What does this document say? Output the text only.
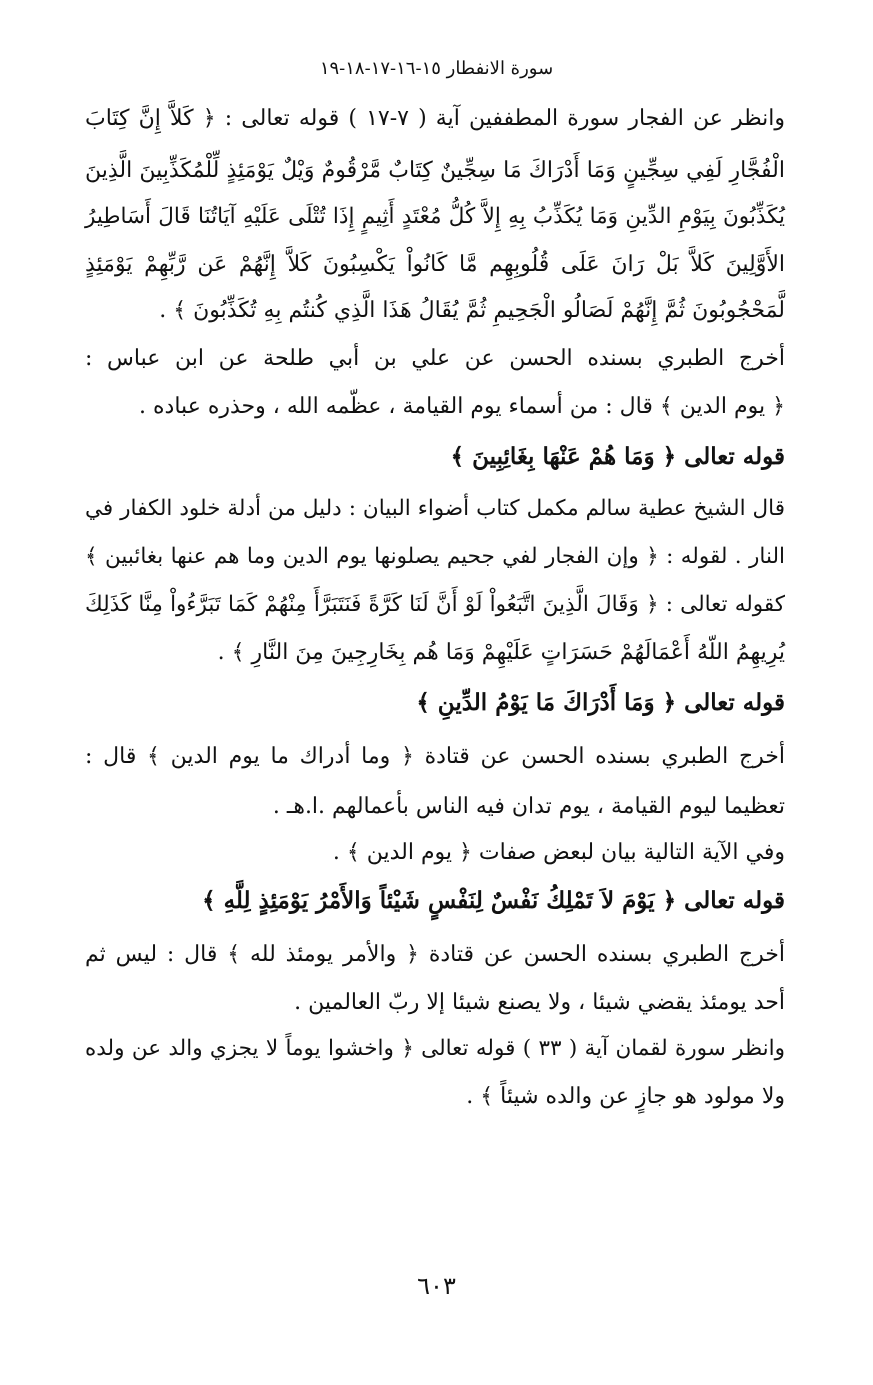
سورة الانفطار ١٥-١٦-١٧-١٨-١٩
وانظر عن الفجار سورة المطففين آية ( ٧-١٧ ) قوله تعالى : ﴿ كَلاَّ إِنَّ كِتَابَ
الْفُجَّارِ لَفِي سِجِّينٍ وَمَا أَدْرَاكَ مَا سِجِّينٌ كِتَابٌ مَّرْقُومٌ وَيْلٌ يَوْمَئِذٍ لِّلْمُكَذِّبِينَ الَّذِينَ
يُكَذِّبُونَ بِيَوْمِ الدِّينِ وَمَا يُكَذِّبُ بِهِ إِلاَّ كُلُّ مُعْتَدٍ أَثِيمٍ إِذَا تُتْلَى عَلَيْهِ آيَاتُنَا قَالَ أَسَاطِيرُ
الأَوَّلِينَ كَلاَّ بَلْ رَانَ عَلَى قُلُوبِهِم مَّا كَانُواْ يَكْسِبُونَ كَلاَّ إِنَّهُمْ عَن رَّبِّهِمْ يَوْمَئِذٍ
لَّمَحْجُوبُونَ ثُمَّ إِنَّهُمْ لَصَالُو الْجَحِيمِ ثُمَّ يُقَالُ هَذَا الَّذِي كُنتُم بِهِ تُكَذِّبُونَ ﴾ .
أخرج الطبري بسنده الحسن عن علي بن أبي طلحة عن ابن عباس :
﴿ يوم الدين ﴾ قال : من أسماء يوم القيامة ، عظّمه الله ، وحذره عباده .
قوله تعالى ﴿ وَمَا هُمْ عَنْهَا بِغَائِبِينَ ﴾
قال الشيخ عطية سالم مكمل كتاب أضواء البيان : دليل من أدلة خلود الكفار في
النار . لقوله : ﴿ وإن الفجار لفي جحيم يصلونها يوم الدين وما هم عنها بغائبين ﴾
كقوله تعالى : ﴿ وَقَالَ الَّذِينَ اتَّبَعُواْ لَوْ أَنَّ لَنَا كَرَّةً فَنَتَبَرَّأَ مِنْهُمْ كَمَا تَبَرَّءُواْ مِنَّا كَذَلِكَ
يُرِيهِمُ اللّهُ أَعْمَالَهُمْ حَسَرَاتٍ عَلَيْهِمْ وَمَا هُم بِخَارِجِينَ مِنَ النَّارِ ﴾ .
قوله تعالى ﴿ وَمَا أَدْرَاكَ مَا يَوْمُ الدِّينِ ﴾
أخرج الطبري بسنده الحسن عن قتادة ﴿ وما أدراك ما يوم الدين ﴾ قال :
تعظيما ليوم القيامة ، يوم تدان فيه الناس بأعمالهم .ا.هـ .
وفي الآية التالية بيان لبعض صفات ﴿ يوم الدين ﴾ .
قوله تعالى ﴿ يَوْمَ لاَ تَمْلِكُ نَفْسٌ لِنَفْسٍ شَيْئاً وَالأَمْرُ يَوْمَئِذٍ لِلَّهِ ﴾
أخرج الطبري بسنده الحسن عن قتادة ﴿ والأمر يومئذ لله ﴾ قال : ليس ثم
أحد يومئذ يقضي شيئا ، ولا يصنع شيئا إلا ربّ العالمين .
وانظر سورة لقمان آية ( ٣٣ ) قوله تعالى ﴿ واخشوا يوماً لا يجزي والد عن ولده
ولا مولود هو جازٍ عن والده شيئاً ﴾ .
٦٠٣
